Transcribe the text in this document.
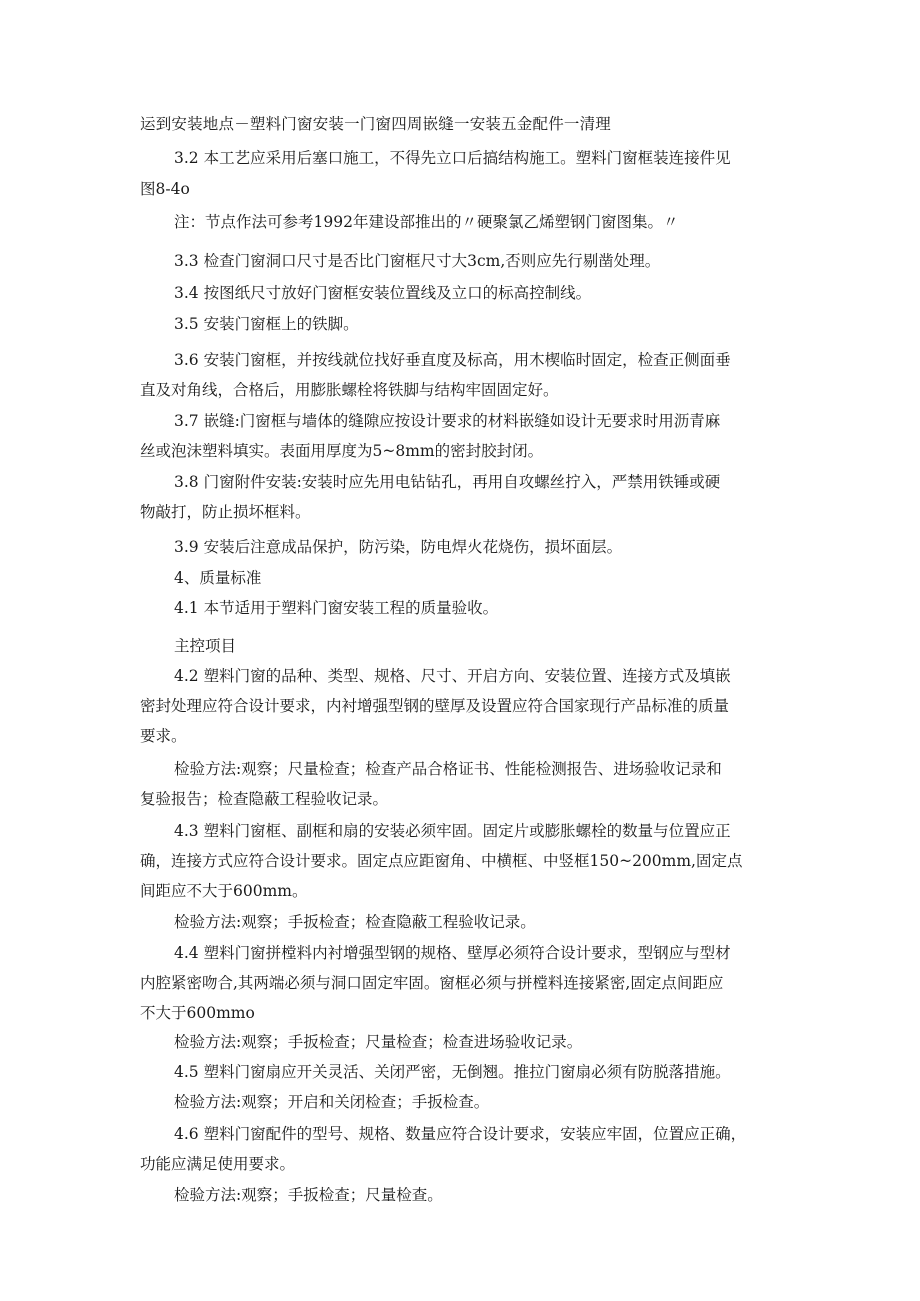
运到安装地点－塑料门窗安装一门窗四周嵌缝一安装五金配件一清理
3.2 本工艺应采用后塞口施工，不得先立口后搞结构施工。塑料门窗框装连接件见
图8-4o
注：节点作法可参考1992年建设部推出的〃硬聚氯乙烯塑钢门窗图集。〃
3.3 检查门窗洞口尺寸是否比门窗框尺寸大3cm,否则应先行剔凿处理。
3.4 按图纸尺寸放好门窗框安装位置线及立口的标高控制线。
3.5 安装门窗框上的铁脚。
3.6 安装门窗框，并按线就位找好垂直度及标高，用木楔临时固定，检查正侧面垂
直及对角线，合格后，用膨胀螺栓将铁脚与结构牢固固定好。
3.7 嵌缝:门窗框与墙体的缝隙应按设计要求的材料嵌缝如设计无要求时用沥青麻
丝或泡沫塑料填实。表面用厚度为5~8mm的密封胶封闭。
3.8 门窗附件安装:安装时应先用电钻钻孔，再用自攻螺丝拧入，严禁用铁锤或硬
物敲打，防止损坏框料。
3.9 安装后注意成品保护，防污染，防电焊火花烧伤，损坏面层。
4、质量标准
4.1 本节适用于塑料门窗安装工程的质量验收。
主控项目
4.2 塑料门窗的品种、类型、规格、尺寸、开启方向、安装位置、连接方式及填嵌
密封处理应符合设计要求，内衬增强型钢的壁厚及设置应符合国家现行产品标准的质量
要求。
检验方法:观察；尺量检查；检查产品合格证书、性能检测报告、进场验收记录和
复验报告；检查隐蔽工程验收记录。
4.3 塑料门窗框、副框和扇的安装必须牢固。固定片或膨胀螺栓的数量与位置应正
确，连接方式应符合设计要求。固定点应距窗角、中横框、中竖框150~200mm,固定点
间距应不大于600mm。
检验方法:观察；手扳检查；检查隐蔽工程验收记录。
4.4 塑料门窗拼樘料内衬增强型钢的规格、壁厚必须符合设计要求，型钢应与型材
内腔紧密吻合,其两端必须与洞口固定牢固。窗框必须与拼樘料连接紧密,固定点间距应
不大于600mmo
检验方法:观察；手扳检查；尺量检查；检查进场验收记录。
4.5 塑料门窗扇应开关灵活、关闭严密，无倒翘。推拉门窗扇必须有防脱落措施。
检验方法:观察；开启和关闭检查；手扳检查。
4.6 塑料门窗配件的型号、规格、数量应符合设计要求，安装应牢固，位置应正确，
功能应满足使用要求。
检验方法:观察；手扳检查；尺量检查。
